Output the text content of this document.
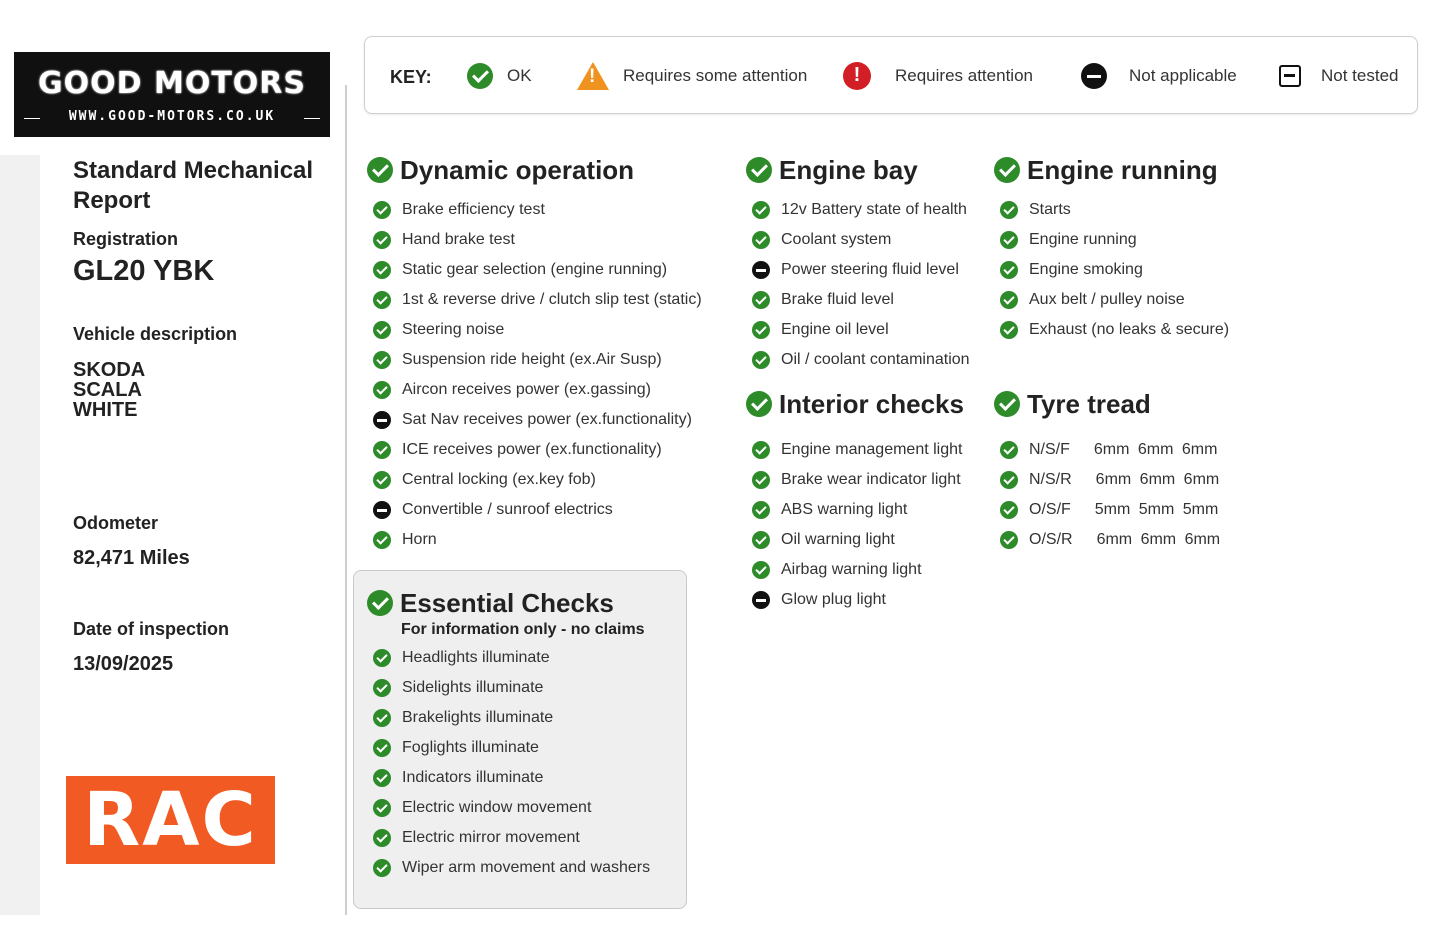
GOOD MOTORS
WWW.GOOD-MOTORS.CO.UK
Standard Mechanical Report
Registration
GL20 YBK
Vehicle description
SKODA
SCALA
WHITE
Odometer
82,471 Miles
Date of inspection
13/09/2025
RAC
KEY:	OK !	Requires some attention !	Requires attention	Not applicable	Not tested
Dynamic operation
Brake efficiency test
Hand brake test
Static gear selection (engine running)
1st & reverse drive / clutch slip test (static)
Steering noise
Suspension ride height (ex.Air Susp)
Aircon receives power (ex.gassing)
Sat Nav receives power (ex.functionality)
ICE receives power (ex.functionality)
Central locking (ex.key fob)
Convertible / sunroof electrics
Horn
Engine bay
12v Battery state of health
Coolant system
Power steering fluid level
Brake fluid level
Engine oil level
Oil / coolant contamination
Engine running
Starts
Engine running
Engine smoking
Aux belt / pulley noise
Exhaust (no leaks & secure)
Interior checks
Engine management light
Brake wear indicator light
ABS warning light
Oil warning light
Airbag warning light
Glow plug light
Tyre tread
N/S/F 6mm 6mm 6mm
N/S/R 6mm 6mm 6mm
O/S/F 5mm 5mm 5mm
O/S/R 6mm 6mm 6mm
Essential Checks
For information only - no claims
Headlights illuminate
Sidelights illuminate
Brakelights illuminate
Foglights illuminate
Indicators illuminate
Electric window movement
Electric mirror movement
Wiper arm movement and washers
